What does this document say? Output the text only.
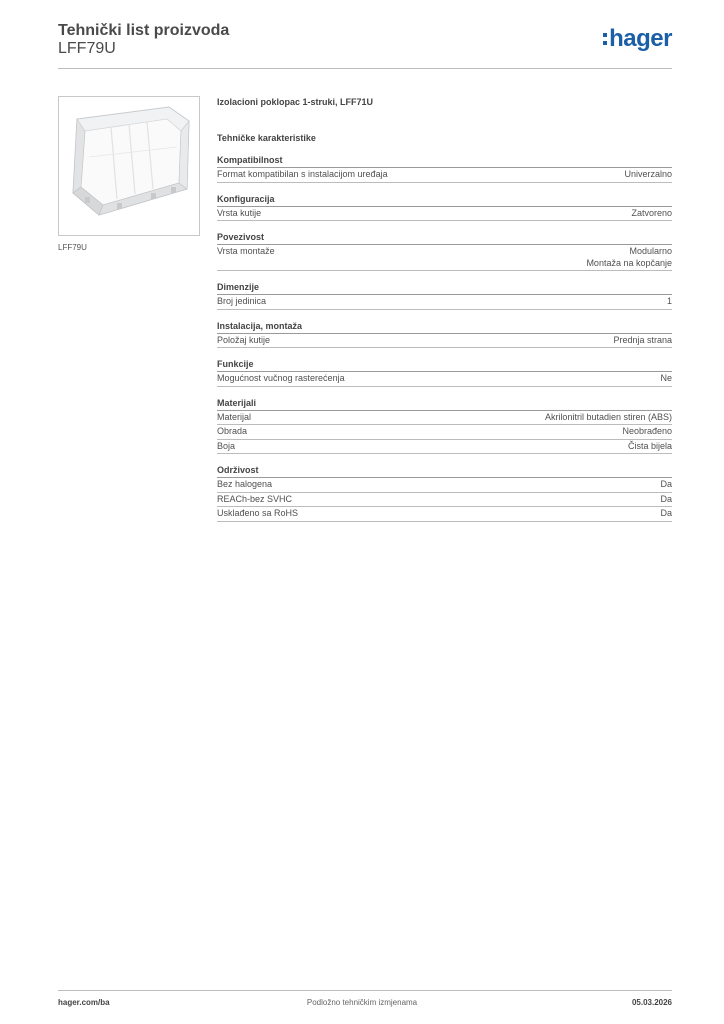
Tehnički list proizvoda
LFF79U	hager
LFF79U
Izolacioni poklopac 1-struki, LFF71U
Tehničke karakteristike
Kompatibilnost
Format kompatibilan s instalacijom uređaja	Univerzalno
Konfiguracija
Vrsta kutije	Zatvoreno
Povezivost
Vrsta montaže	Modularno
Montaža na kopčanje
Dimenzije
Broj jedinica	1
Instalacija, montaža
Položaj kutije	Prednja strana
Funkcije
Mogućnost vučnog rasterećenja	Ne
Materijali
Materijal	Akrilonitril butadien stiren (ABS)
Obrada	Neobrađeno
Boja	Čista bijela
Održivost
Bez halogena	Da
REACh-bez SVHC	Da
Usklađeno sa RoHS	Da
hager.com/ba	Podložno tehničkim izmjenama	05.03.2026
